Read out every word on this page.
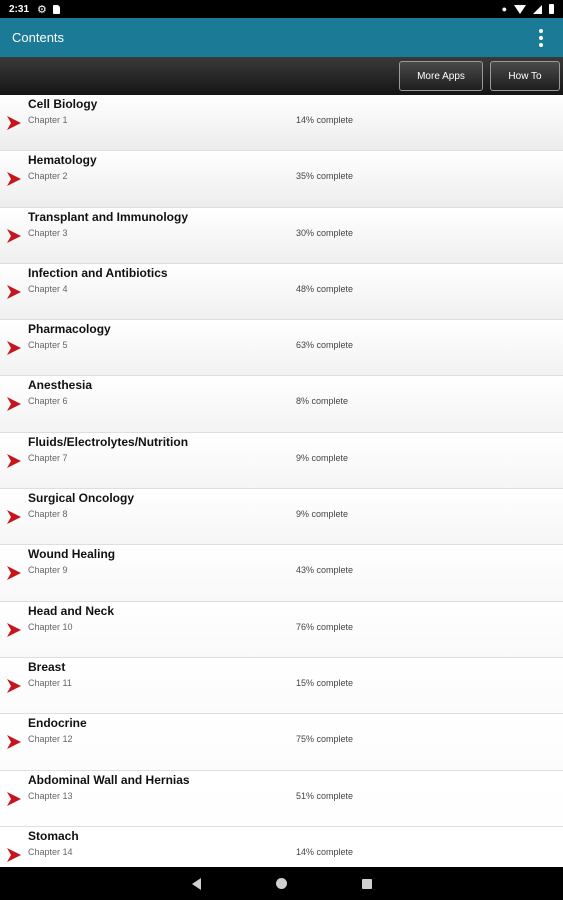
2:31 ⚙	●
Contents
More Apps	How To
Cell Biology
Chapter 1	14% complete
Hematology
Chapter 2	35% complete
Transplant and Immunology
Chapter 3	30% complete
Infection and Antibiotics
Chapter 4	48% complete
Pharmacology
Chapter 5	63% complete
Anesthesia
Chapter 6	8% complete
Fluids/Electrolytes/Nutrition
Chapter 7	9% complete
Surgical Oncology
Chapter 8	9% complete
Wound Healing
Chapter 9	43% complete
Head and Neck
Chapter 10	76% complete
Breast
Chapter 11	15% complete
Endocrine
Chapter 12	75% complete
Abdominal Wall and Hernias
Chapter 13	51% complete
Stomach
Chapter 14	14% complete
